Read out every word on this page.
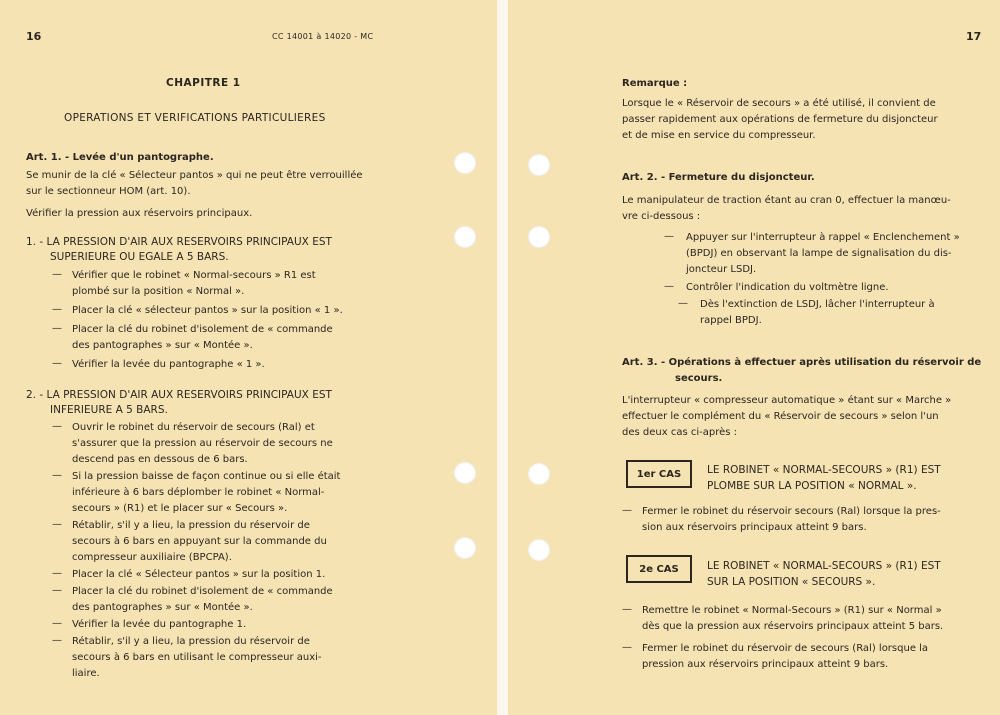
16	CC 14001 à 14020 - MC
CHAPITRE 1
OPERATIONS ET VERIFICATIONS PARTICULIERES
Art. 1. - Levée d'un pantographe.
Se munir de la clé « Sélecteur pantos » qui ne peut être verrouillée
sur le sectionneur HOM (art. 10).
Vérifier la pression aux réservoirs principaux.
1. - LA PRESSION D'AIR AUX RESERVOIRS PRINCIPAUX EST
SUPERIEURE OU EGALE A 5 BARS.
— Vérifier que le robinet « Normal-secours » R1 est
plombé sur la position « Normal ».
— Placer la clé « sélecteur pantos » sur la position « 1 ».
— Placer la clé du robinet d'isolement de « commande
des pantographes » sur « Montée ».
— Vérifier la levée du pantographe « 1 ».
2. - LA PRESSION D'AIR AUX RESERVOIRS PRINCIPAUX EST
INFERIEURE A 5 BARS.
— Ouvrir le robinet du réservoir de secours (Ral) et
s'assurer que la pression au réservoir de secours ne
descend pas en dessous de 6 bars.
— Si la pression baisse de façon continue ou si elle était
inférieure à 6 bars déplomber le robinet « Normal-
secours » (R1) et le placer sur « Secours ».
— Rétablir, s'il y a lieu, la pression du réservoir de
secours à 6 bars en appuyant sur la commande du
compresseur auxiliaire (BPCPA).
— Placer la clé « Sélecteur pantos » sur la position 1.
— Placer la clé du robinet d'isolement de « commande
des pantographes » sur « Montée ».
— Vérifier la levée du pantographe 1.
— Rétablir, s'il y a lieu, la pression du réservoir de
secours à 6 bars en utilisant le compresseur auxi-
liaire.
17
Remarque :
Lorsque le « Réservoir de secours » a été utilisé, il convient de
passer rapidement aux opérations de fermeture du disjoncteur
et de mise en service du compresseur.
Art. 2. - Fermeture du disjoncteur.
Le manipulateur de traction étant au cran 0, effectuer la manœu-
vre ci-dessous :
— Appuyer sur l'interrupteur à rappel « Enclenchement »
(BPDJ) en observant la lampe de signalisation du dis-
joncteur LSDJ.
— Contrôler l'indication du voltmètre ligne.
— Dès l'extinction de LSDJ, lâcher l'interrupteur à
rappel BPDJ.
Art. 3. - Opérations à effectuer après utilisation du réservoir de
secours.
L'interrupteur « compresseur automatique » étant sur « Marche »
effectuer le complément du « Réservoir de secours » selon l'un
des deux cas ci-après :
1er CAS	LE ROBINET « NORMAL-SECOURS » (R1) EST
PLOMBE SUR LA POSITION « NORMAL ».
— Fermer le robinet du réservoir secours (Ral) lorsque la pres-
sion aux réservoirs principaux atteint 9 bars.
2e CAS	LE ROBINET « NORMAL-SECOURS » (R1) EST
SUR LA POSITION « SECOURS ».
— Remettre le robinet « Normal-Secours » (R1) sur « Normal »
dès que la pression aux réservoirs principaux atteint 5 bars.
— Fermer le robinet du réservoir de secours (Ral) lorsque la
pression aux réservoirs principaux atteint 9 bars.
